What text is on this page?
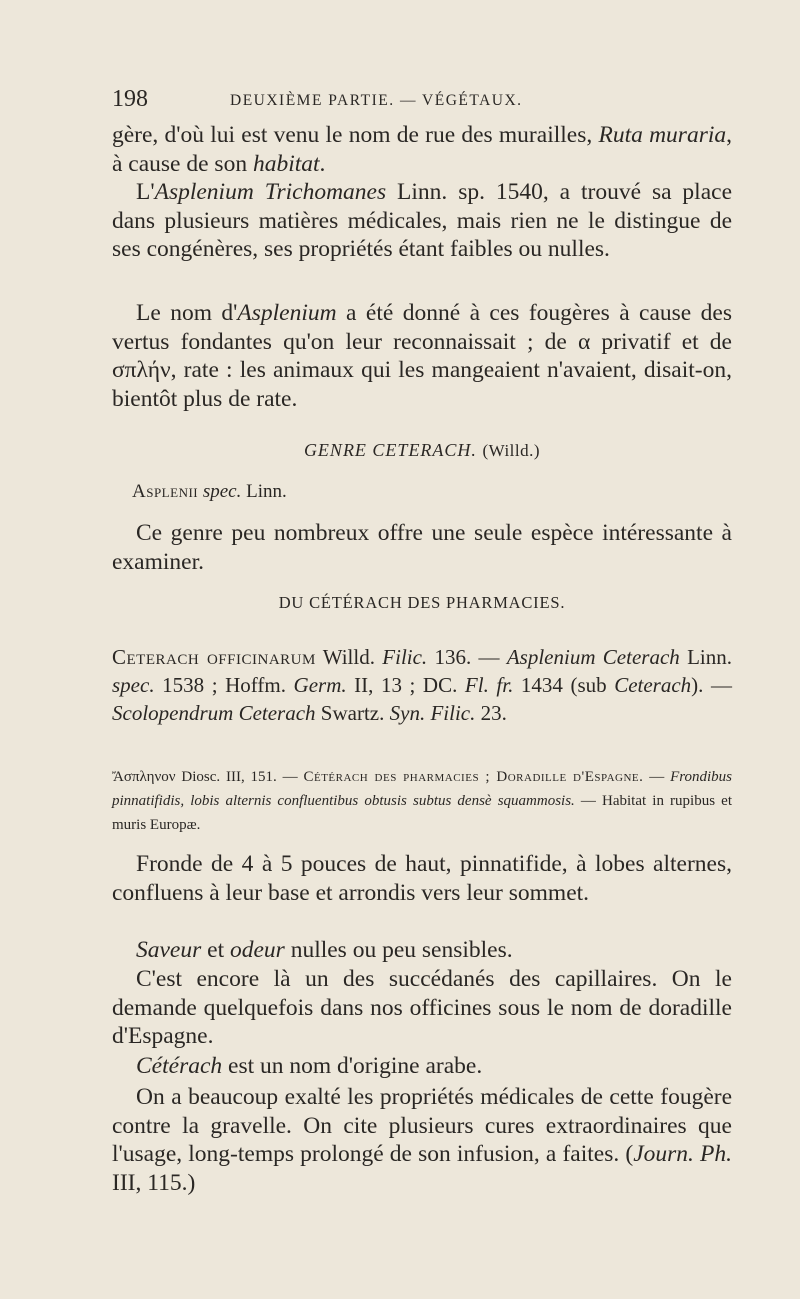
198	DEUXIÈME PARTIE. — VÉGÉTAUX.

gère, d'où lui est venu le nom de rue des murailles, Ruta muraria, à cause de son habitat.

L'Asplenium Trichomanes Linn. sp. 1540, a trouvé sa place dans plusieurs matières médicales, mais rien ne le distingue de ses congénères, ses propriétés étant faibles ou nulles.

Le nom d'Asplenium a été donné à ces fougères à cause des vertus fondantes qu'on leur reconnaissait ; de α privatif et de σπλήν, rate : les animaux qui les mangeaient n'avaient, disait-on, bientôt plus de rate.

GENRE CETERACH. (Willd.)
Asplenii spec. Linn.

Ce genre peu nombreux offre une seule espèce intéressante à examiner.

DU CÉTÉRACH DES PHARMACIES.

Ceterach officinarum Willd. Filic. 136. — Asplenium Ceterach Linn. spec. 1538 ; Hoffm. Germ. II, 13 ; DC. Fl. fr. 1434 (sub Ceterach). — Scolopendrum Ceterach Swartz. Syn. Filic. 23.

Ἄσπληνον Diosc. III, 151. — Cétérach des pharmacies ; Doradille d'Espagne. — Frondibus pinnatifidis, lobis alternis confluentibus obtusis subtus densè squammosis. — Habitat in rupibus et muris Europæ.

Fronde de 4 à 5 pouces de haut, pinnatifide, à lobes alternes, confluens à leur base et arrondis vers leur sommet.

Saveur et odeur nulles ou peu sensibles.

C'est encore là un des succédanés des capillaires. On le demande quelquefois dans nos officines sous le nom de doradille d'Espagne.

Cétérach est un nom d'origine arabe.

On a beaucoup exalté les propriétés médicales de cette fougère contre la gravelle. On cite plusieurs cures extraordinaires que l'usage, long-temps prolongé de son infusion, a faites. (Journ. Ph. III, 115.)
